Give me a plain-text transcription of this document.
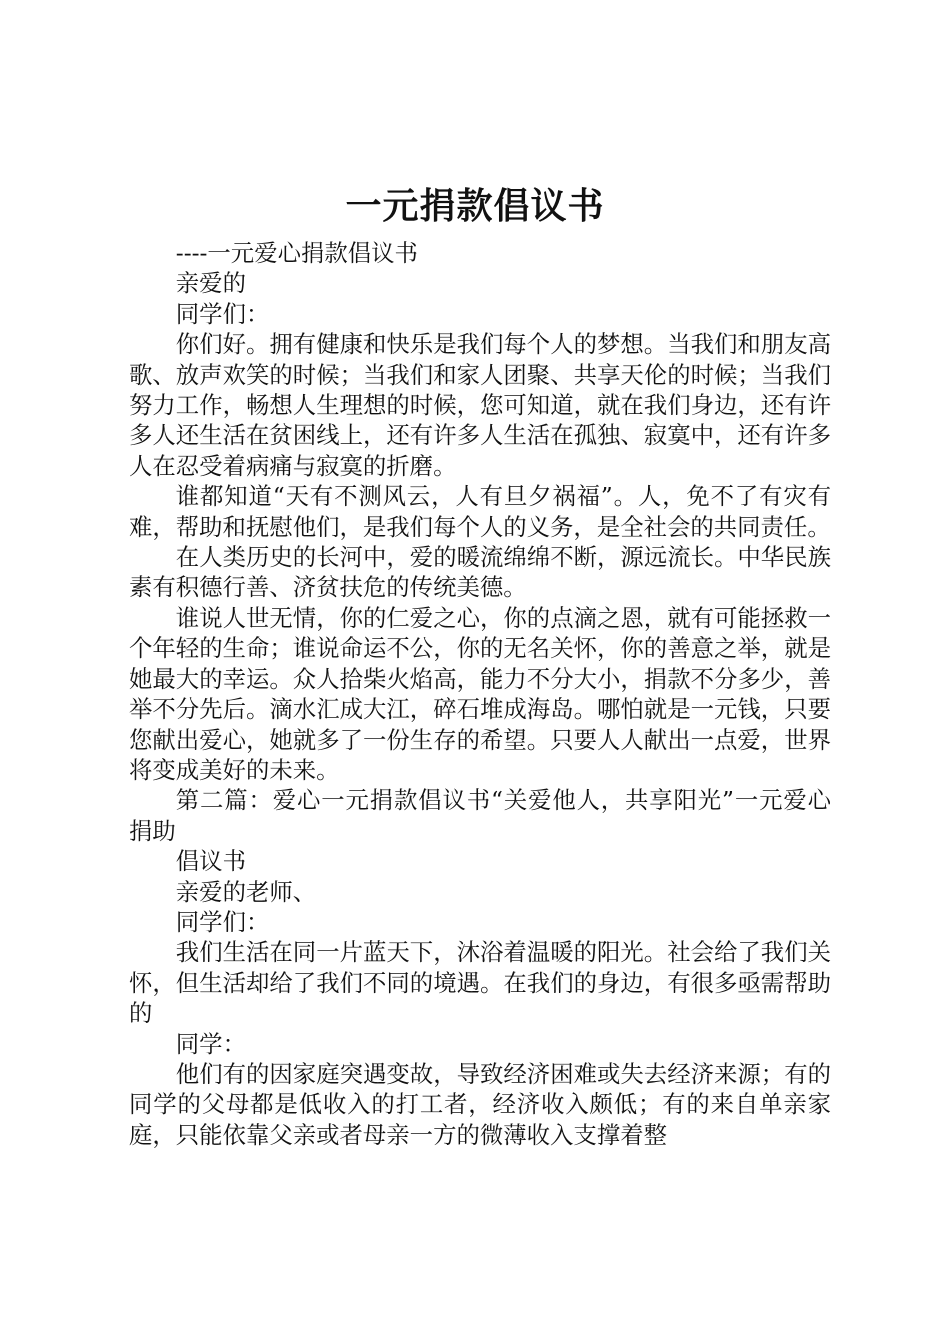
一元捐款倡议书

----一元爱心捐款倡议书

亲爱的

同学们：

你们好。拥有健康和快乐是我们每个人的梦想。当我们和朋友高歌、放声欢笑的时候；当我们和家人团聚、共享天伦的时候；当我们努力工作，畅想人生理想的时候，您可知道，就在我们身边，还有许多人还生活在贫困线上，还有许多人生活在孤独、寂寞中，还有许多人在忍受着病痛与寂寞的折磨。

谁都知道“天有不测风云，人有旦夕祸福”。人，免不了有灾有难，帮助和抚慰他们，是我们每个人的义务，是全社会的共同责任。

在人类历史的长河中，爱的暖流绵绵不断，源远流长。中华民族素有积德行善、济贫扶危的传统美德。

谁说人世无情，你的仁爱之心，你的点滴之恩，就有可能拯救一个年轻的生命；谁说命运不公，你的无名关怀，你的善意之举，就是她最大的幸运。众人拾柴火焰高，能力不分大小，捐款不分多少，善举不分先后。滴水汇成大江，碎石堆成海岛。哪怕就是一元钱，只要您献出爱心，她就多了一份生存的希望。只要人人献出一点爱，世界将变成美好的未来。

第二篇：爱心一元捐款倡议书“关爱他人，共享阳光”一元爱心捐助

倡议书

亲爱的老师、

同学们：

我们生活在同一片蓝天下，沐浴着温暖的阳光。社会给了我们关怀，但生活却给了我们不同的境遇。在我们的身边，有很多亟需帮助的

同学：

他们有的因家庭突遇变故，导致经济困难或失去经济来源；有的同学的父母都是低收入的打工者，经济收入颇低；有的来自单亲家庭，只能依靠父亲或者母亲一方的微薄收入支撑着整
